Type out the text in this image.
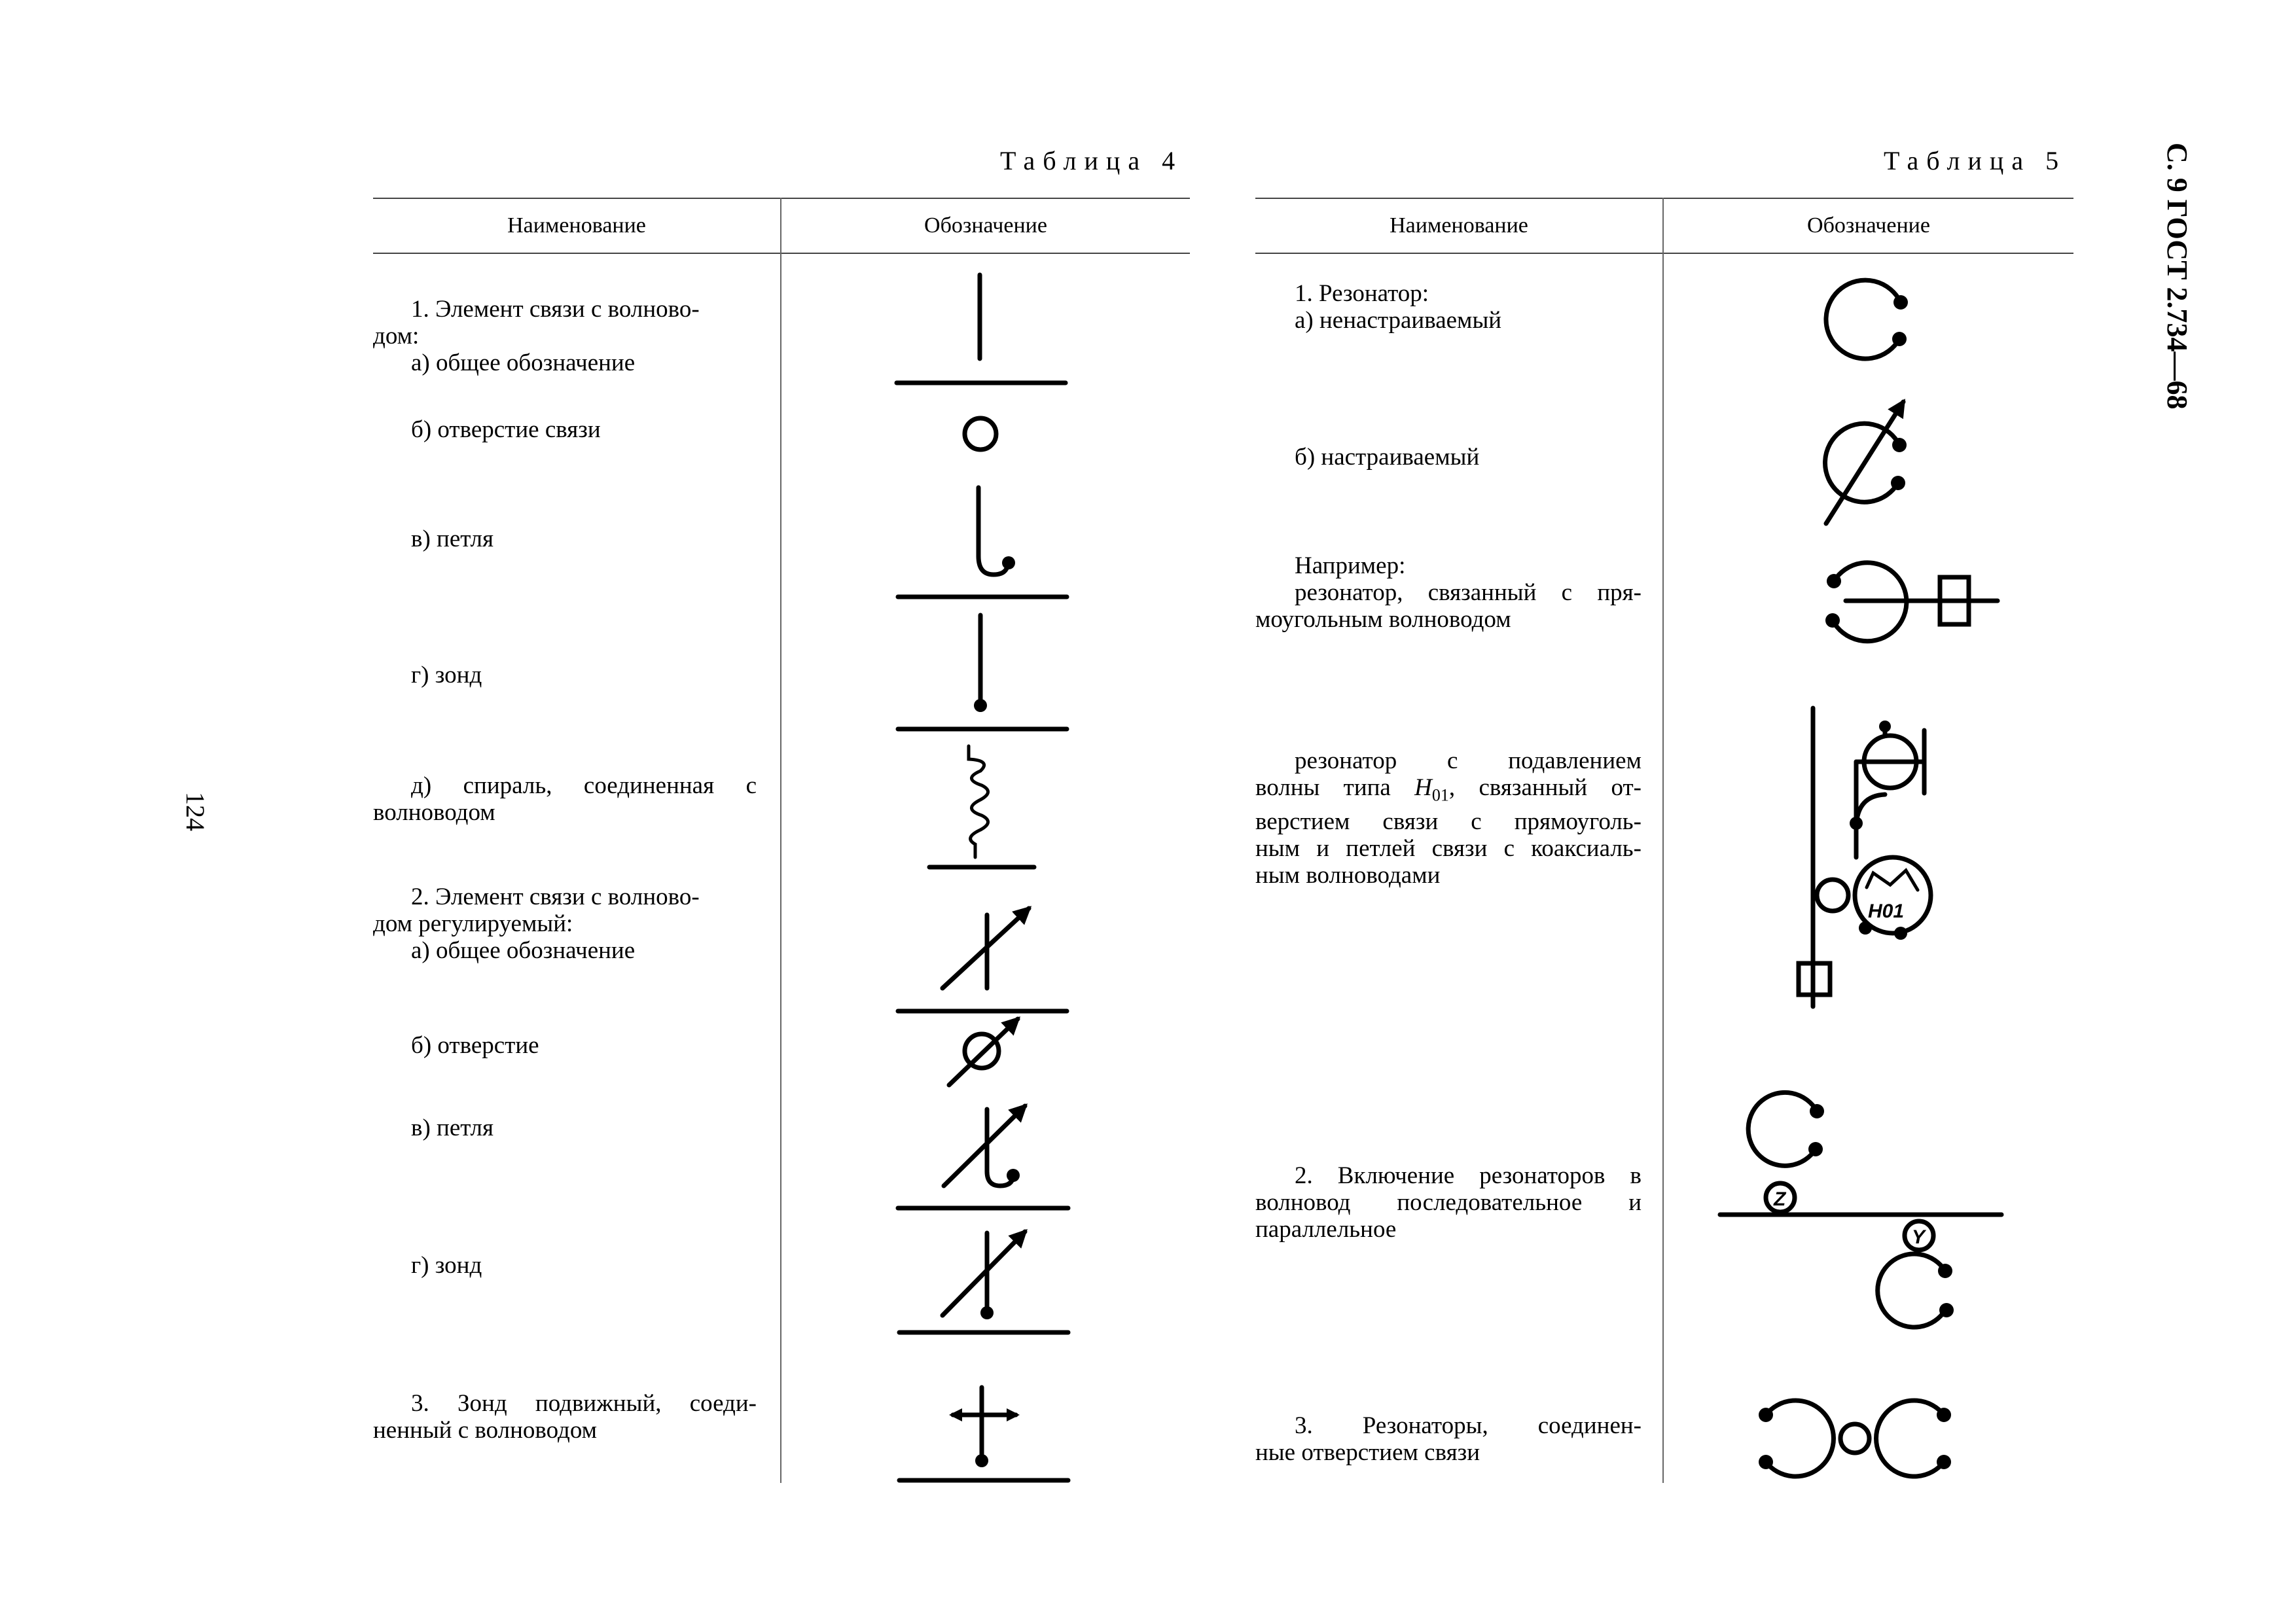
124
С. 9 ГОСТ 2.734—68
Таблица 4
Наименование	Обозначение

1. Элемент связи с волново-

дом:

а) общее обозначение

б) отверстие связи
в) петля
г) зонд
д) спираль, соединенная с
волноводом

2. Элемент связи с волново-

дом регулируемый:

а) общее обозначение

б) отверстие
в) петля
г) зонд
3. Зонд подвижный, соеди-
ненный с волноводом
Таблица 5
Наименование	Обозначение

1. Резонатор:

а) ненастраиваемый

б) настраиваемый

Например:

резонатор, связанный с пря-
моугольным волноводом
резонатор с подавлением
волны типа $H_{01}$, связанный от-
верстием связи с прямоуголь-
ным и петлей связи с коаксиаль-
ным волноводами
2. Включение резонаторов в
волновод последовательное и
параллельное
3. Резонаторы, соединен-
ные отверстием связи
H01
Z
Y
